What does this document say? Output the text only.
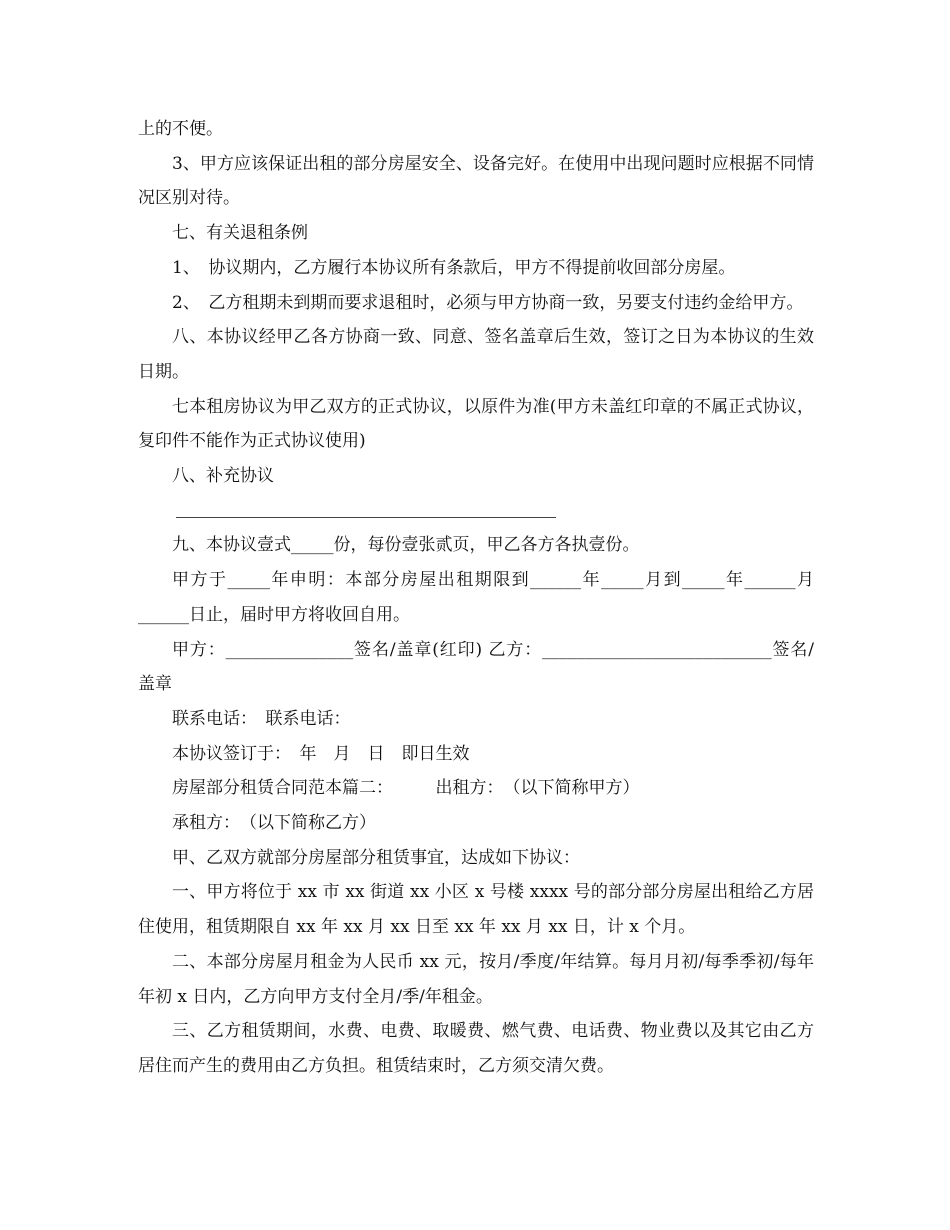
上的不便。

3、甲方应该保证出租的部分房屋安全、设备完好。在使用中出现问题时应根据不同情况区别对待。

七、有关退租条例

1、　协议期内，乙方履行本协议所有条款后，甲方不得提前收回部分房屋。

2、　乙方租期未到期而要求退租时，必须与甲方协商一致，另要支付违约金给甲方。

八、本协议经甲乙各方协商一致、同意、签名盖章后生效，签订之日为本协议的生效日期。

七本租房协议为甲乙双方的正式协议，以原件为准(甲方未盖红印章的不属正式协议，复印件不能作为正式协议使用)

八、补充协议

九、本协议壹式_____份，每份壹张贰页，甲乙各方各执壹份。

甲方于_____年申明：本部分房屋出租期限到______年_____月到_____年______月______日止，届时甲方将收回自用。

甲方：_______________签名/盖章(红印) 乙方：___________________________签名/盖章

联系电话：　联系电话：

本协议签订于：　年　月　日　即日生效

房屋部分租赁合同范本篇二：　　　出租方：　（以下简称甲方）

承租方：　（以下简称乙方）

甲、乙双方就部分房屋部分租赁事宜，达成如下协议：

一、甲方将位于 xx 市 xx 街道 xx 小区 x 号楼 xxxx 号的部分部分房屋出租给乙方居住使用，租赁期限自 xx 年 xx 月 xx 日至 xx 年 xx 月 xx 日，计 x 个月。

二、本部分房屋月租金为人民币 xx 元，按月/季度/年结算。每月月初/每季季初/每年年初 x 日内，乙方向甲方支付全月/季/年租金。

三、乙方租赁期间，水费、电费、取暖费、燃气费、电话费、物业费以及其它由乙方居住而产生的费用由乙方负担。租赁结束时，乙方须交清欠费。
